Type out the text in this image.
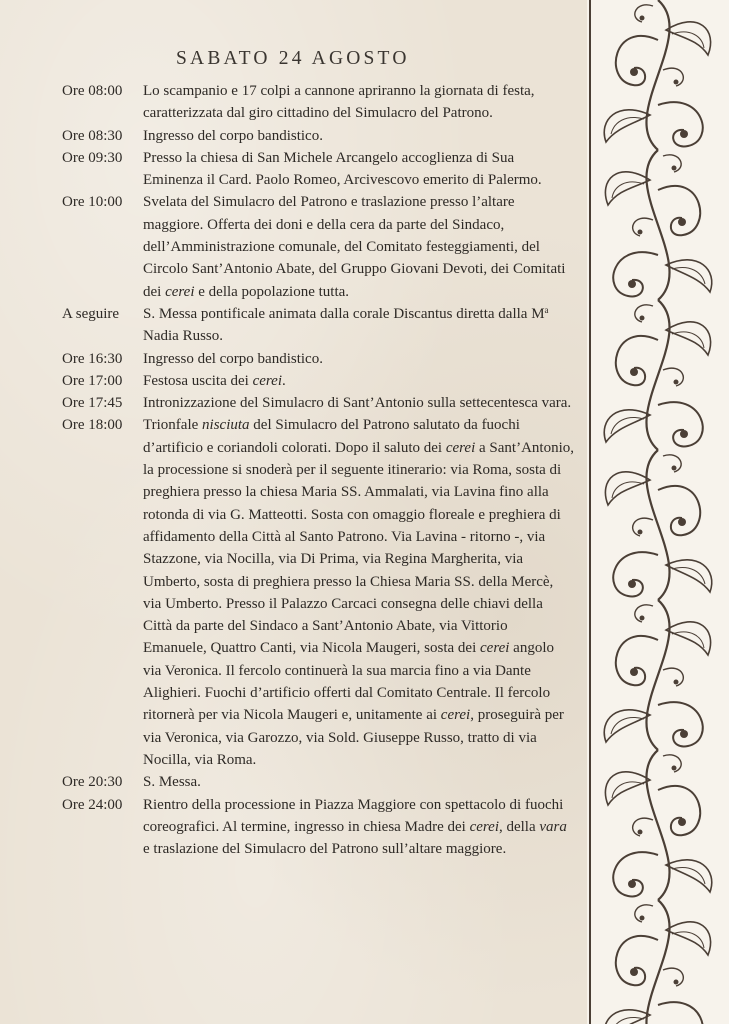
SABATO 24 AGOSTO
Ore 08:00	Lo scampanio e 17 colpi a cannone apriranno la giornata di festa, caratterizzata dal giro cittadino del Simulacro del Patrono.
Ore 08:30	Ingresso del corpo bandistico.
Ore 09:30	Presso la chiesa di San Michele Arcangelo accoglienza di Sua Eminenza il Card. Paolo Romeo, Arcivescovo emerito di Palermo.
Ore 10:00	Svelata del Simulacro del Patrono e traslazione presso l’altare maggiore. Offerta dei doni e della cera da parte del Sindaco, dell’Amministrazione comunale, del Comitato festeggiamenti, del Circolo Sant’Antonio Abate, del Gruppo Giovani Devoti, dei Comitati dei cerei e della popolazione tutta.
A seguire	S. Messa pontificale animata dalla corale Discantus diretta dalla $M^a$ Nadia Russo.
Ore 16:30	Ingresso del corpo bandistico.
Ore 17:00	Festosa uscita dei cerei.
Ore 17:45	Intronizzazione del Simulacro di Sant’Antonio sulla settecentesca vara.
Ore 18:00	Trionfale nisciuta del Simulacro del Patrono salutato da fuochi d’artificio e coriandoli colorati. Dopo il saluto dei cerei a Sant’Antonio, la processione si snoderà per il seguente itinerario: via Roma, sosta di preghiera presso la chiesa Maria SS. Ammalati, via Lavina fino alla rotonda di via G. Matteotti. Sosta con omaggio floreale e preghiera di affidamento della Città al Santo Patrono. Via Lavina - ritorno -, via Stazzone, via Nocilla, via Di Prima, via Regina Margherita, via Umberto, sosta di preghiera presso la Chiesa Maria SS. della Mercè, via Umberto. Presso il Palazzo Carcaci consegna delle chiavi della Città da parte del Sindaco a Sant’Antonio Abate, via Vittorio Emanuele, Quattro Canti, via Nicola Maugeri, sosta dei cerei angolo via Veronica. Il fercolo continuerà la sua marcia fino a via Dante Alighieri. Fuochi d’artificio offerti dal Comitato Centrale. Il fercolo ritornerà per via Nicola Maugeri e, unitamente ai cerei, proseguirà per via Veronica, via Garozzo, via Sold. Giuseppe Russo, tratto di via Nocilla, via Roma.
Ore 20:30	S. Messa.
Ore 24:00	Rientro della processione in Piazza Maggiore con spettacolo di fuochi coreografici. Al termine, ingresso in chiesa Madre dei cerei, della vara e traslazione del Simulacro del Patrono sull’altare maggiore.
